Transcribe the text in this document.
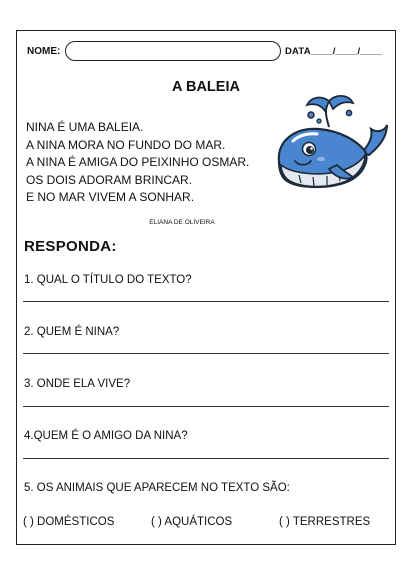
NOME:	DATA____/____/____
A BALEIA
NINA É UMA BALEIA.
A NINA MORA NO FUNDO DO MAR.
A NINA É AMIGA DO PEIXINHO OSMAR.
OS DOIS ADORAM BRINCAR.
E NO MAR VIVEM A SONHAR.
ELIANA DE OLIVEIRA
RESPONDA:
1. QUAL O TÍTULO DO TEXTO?
2. QUEM É NINA?
3. ONDE ELA VIVE?
4.QUEM É O AMIGO DA NINA?
5. OS ANIMAIS QUE APARECEM NO TEXTO SÃO:
( ) DOMÉSTICOS	( ) AQUÁTICOS	( ) TERRESTRES
